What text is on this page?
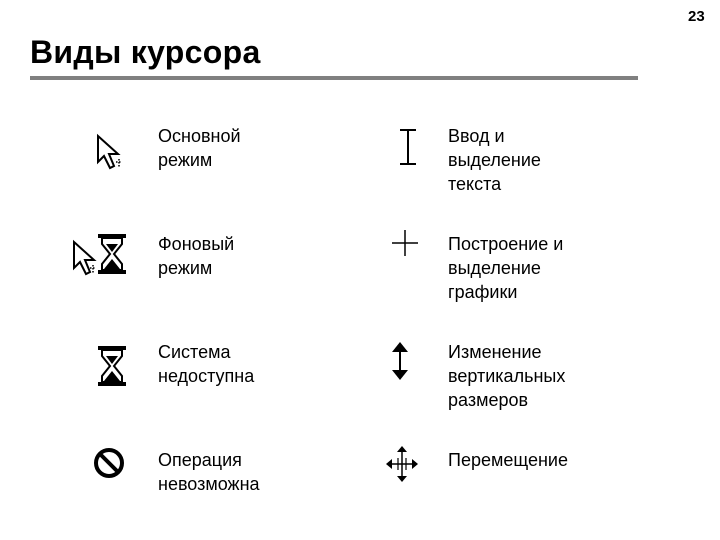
23
Виды курсора
Основной
режим
Фоновый
режим
Система
недоступна
Операция
невозможна
Ввод и
выделение
текста
Построение и
выделение
графики
Изменение
вертикальных
размеров
Перемещение
